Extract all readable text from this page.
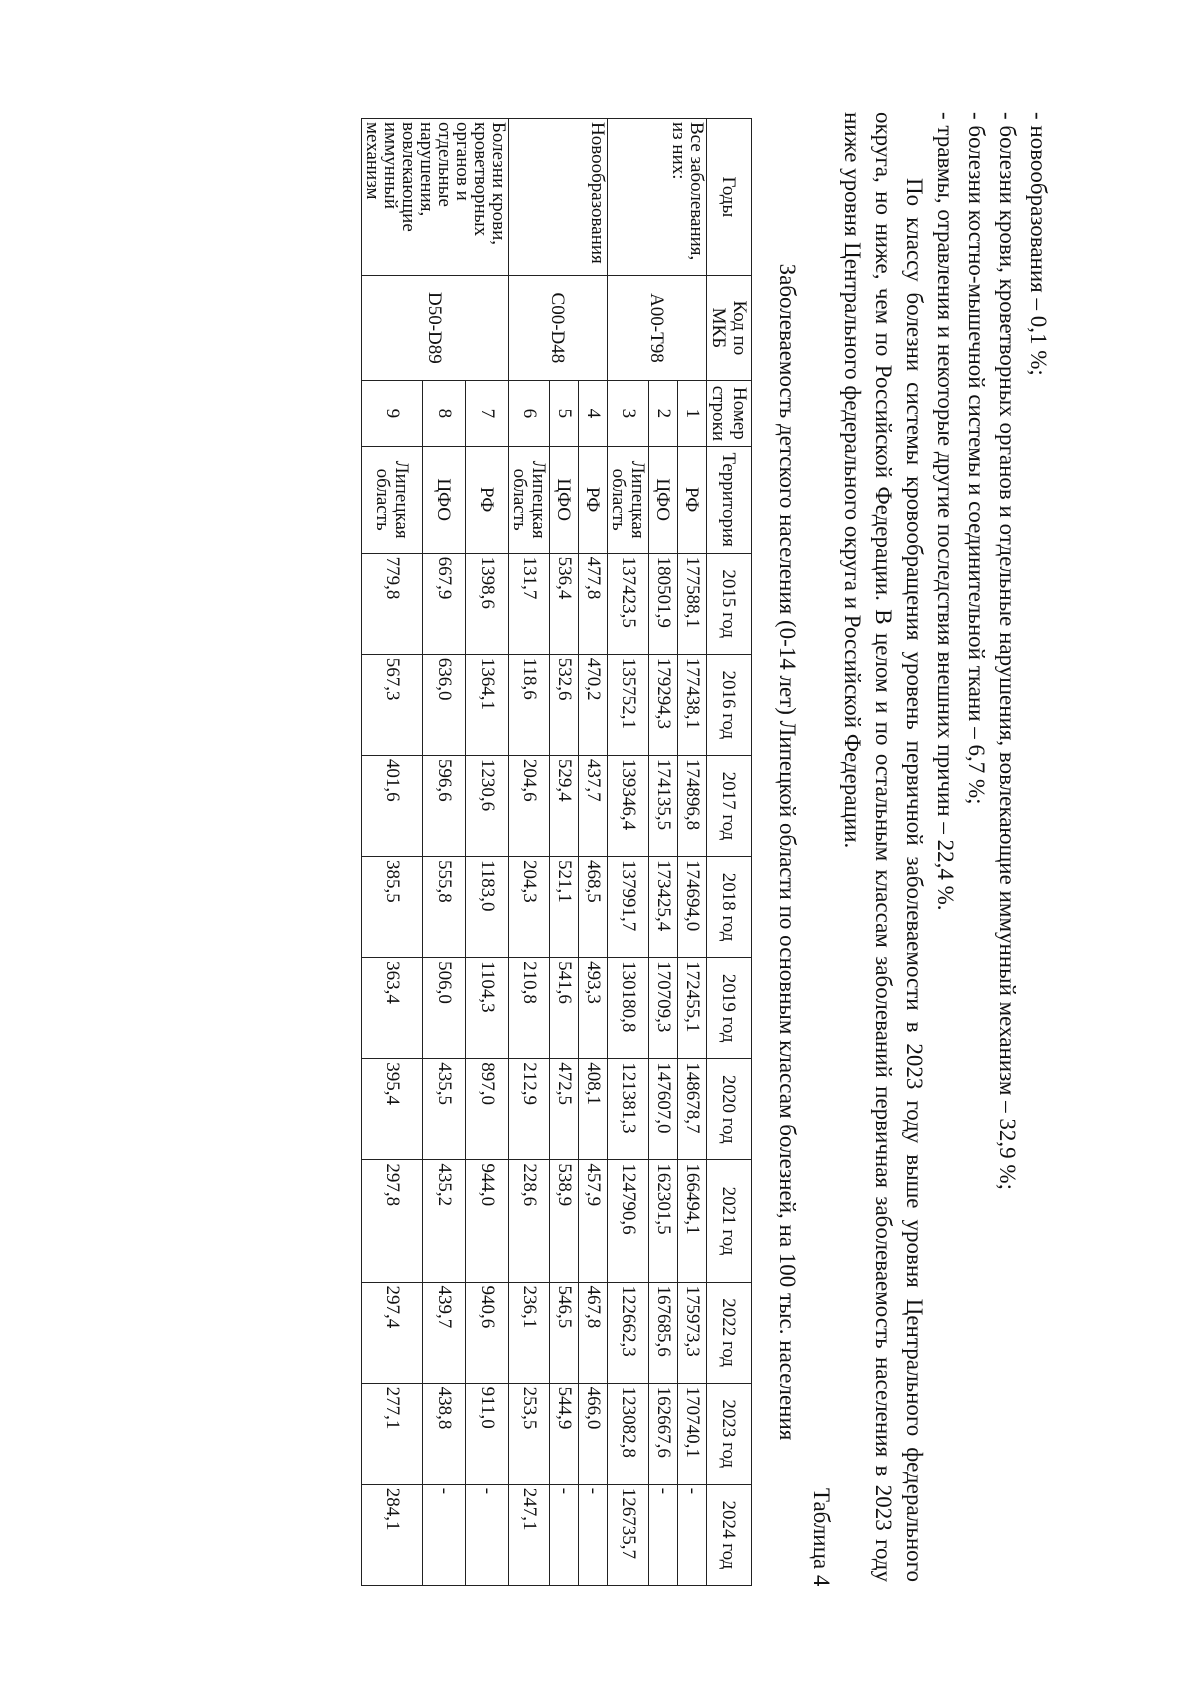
- новообразования – 0,1 %;
- болезни крови, кроветворных органов и отдельные нарушения, вовлекающие иммунный механизм – 32,9 %;
- болезни костно-мышечной системы и соединительной ткани – 6,7 %;
- травмы, отравления и некоторые другие последствия внешних причин – 22,4 %.
По классу болезни системы кровообращения уровень первичной заболеваемости в 2023 году выше уровня Центрального федерального округа, но ниже, чем по Российской Федерации. В целом и по остальным классам заболеваний первичная заболеваемость населения в 2023 году ниже уровня Центрального федерального округа и Российской Федерации.
Таблица 4
Заболеваемость детского населения (0-14 лет) Липецкой области по основным классам болезней, на 100 тыс. населения
Годы	Код по МКБ	Номер строки	Территория	2015 год	2016 год	2017 год	2018 год	2019 год	2020 год	2021 год	2022 год	2023 год	2024 год
Все заболевания, из них:	A00-T98	1	РФ	177588,1	177438,1	174896,8	174694,0	172455,1	148678,7	166494,1	175973,3	170740,1	-
		2	ЦФО	180501,9	179294,3	174135,5	173425,4	170709,3	147607,0	162301,5	167685,6	162667,6	-
		3	Липецкая область	137423,5	135752,1	139346,4	137991,7	130180,8	121381,3	124790,6	122662,3	123082,8	126735,7
Новообразования	C00-D48	4	РФ	477,8	470,2	437,7	468,5	493,3	408,1	457,9	467,8	466,0	-
		5	ЦФО	536,4	532,6	529,4	521,1	541,6	472,5	538,9	546,5	544,9	-
		6	Липецкая область	131,7	118,6	204,6	204,3	210,8	212,9	228,6	236,1	253,5	247,1
Болезни крови, кроветворных органов и отдельные нарушения, вовлекающие иммунный механизм	D50-D89	7	РФ	1398,6	1364,1	1230,6	1183,0	1104,3	897,0	944,0	940,6	911,0	-
		8	ЦФО	667,9	636,0	596,6	555,8	506,0	435,5	435,2	439,7	438,8	-
		9	Липецкая область	779,8	567,3	401,6	385,5	363,4	395,4	297,8	297,4	277,1	284,1
